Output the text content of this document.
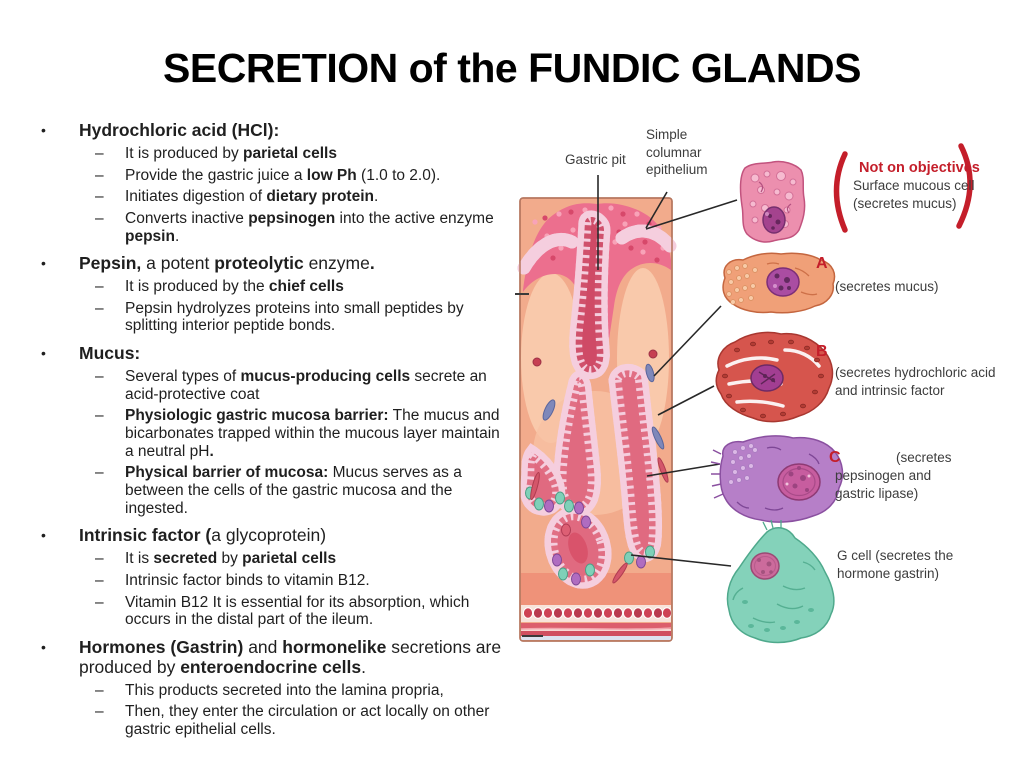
SECRETION of the FUNDIC GLANDS
•	Hydrochloric acid (HCl):
–	It is produced by parietal cells
–	Provide the gastric juice a low Ph (1.0 to 2.0).
–	Initiates digestion of dietary protein.
–	Converts inactive pepsinogen into the active enzyme pepsin.
•	Pepsin, a potent proteolytic enzyme.
–	It is produced by the chief cells
–	Pepsin hydrolyzes proteins into small peptides by splitting interior peptide bonds.
•	Mucus:
–	Several types of mucus-producing cells secrete an acid-protective coat
–	Physiologic gastric mucosa barrier: The mucus and bicarbonates trapped within the mucous layer maintain a neutral pH.
–	Physical barrier of mucosa: Mucus serves as a between the cells of the gastric mucosa and the ingested.
•	Intrinsic factor (a glycoprotein)
–	It is secreted by parietal cells
–	Intrinsic factor binds to vitamin B12.
–	Vitamin B12 It is essential for its absorption, which occurs in the distal part of the ileum.
•	Hormones (Gastrin) and hormonelike secretions are produced by enteroendocrine cells.
–	This products secreted into the lamina propria,
–	Then, they enter the circulation or act locally on other gastric epithelial cells.
Gastric pit
Simple columnar epithelium	Not on objectives
Surface mucous cell (secretes mucus)
A
(secretes mucus)
B
(secretes hydrochloric acid and intrinsic factor
C	(secretes
pepsinogen and gastric lipase)
G cell (secretes the hormone gastrin)
